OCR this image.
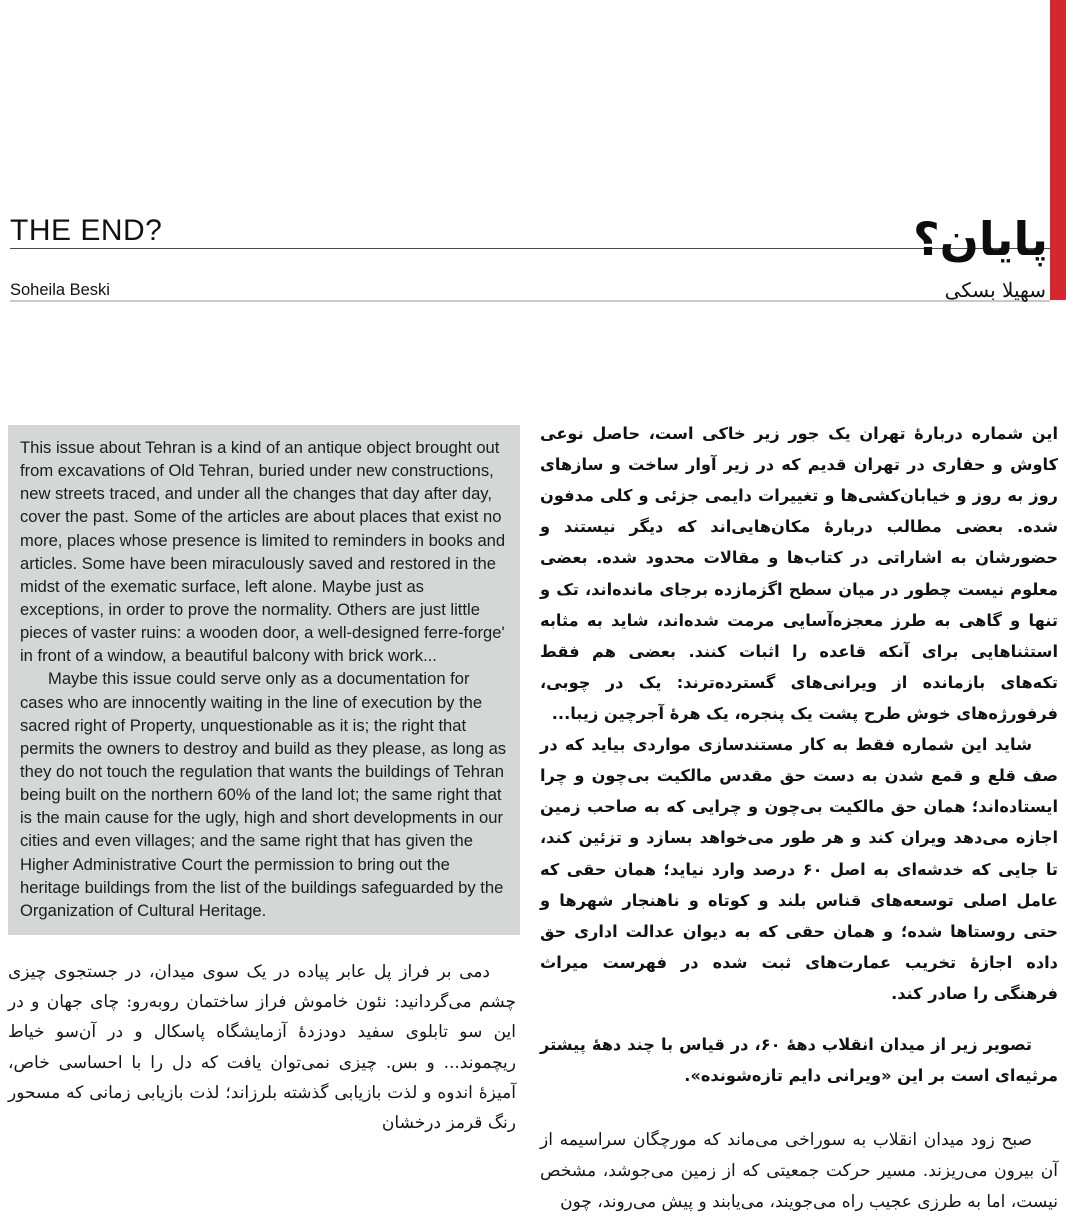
THE END?	پایان؟
Soheila Beski	سهیلا بسکی

This issue about Tehran is a kind of an antique object brought out from excavations of Old Tehran, buried under new constructions, new streets traced, and under all the changes that day after day, cover the past. Some of the articles are about places that exist no more, places whose presence is limited to reminders in books and articles. Some have been miraculously saved and restored in the midst of the exematic surface, left alone. Maybe just as exceptions, in order to prove the normality. Others are just little pieces of vaster ruins: a wooden door, a well-designed ferre-forge' in front of a window, a beautiful balcony with brick work...

Maybe this issue could serve only as a documentation for cases who are innocently waiting in the line of execution by the sacred right of Property, unquestionable as it is; the right that permits the owners to destroy and build as they please, as long as they do not touch the regulation that wants the buildings of Tehran being built on the northern 60% of the land lot; the same right that is the main cause for the ugly, high and short developments in our cities and even villages; and the same right that has given the Higher Administrative Court the permission to bring out the heritage buildings from the list of the buildings safeguarded by the Organization of Cultural Heritage.

دمی بر فراز پل عابر پیاده در یک سوی میدان، در جستجوی چیزی چشم می‌گردانید: نئون خاموش فراز ساختمان روبه‌رو: چای جهان و در این سو تابلوی سفید دودزدهٔ آزمایشگاه پاسکال و در آن‌سو خیاط ریچموند... و بس. چیزی نمی‌توان یافت که دل را با احساسی خاص، آمیزهٔ اندوه و لذت بازیابی گذشته بلرزاند؛ لذت بازیابی زمانی که مسحور رنگ قرمز درخشان

این شماره دربارهٔ تهران یک جور زیر خاکی است، حاصل نوعی کاوش و حفاری در تهران قدیم که در زیر آوار ساخت و سازهای روز به روز و خیابان‌کشی‌ها و تغییرات دایمی جزئی و کلی مدفون شده. بعضی مطالب دربارهٔ مکان‌هایی‌اند که دیگر نیستند و حضورشان به اشاراتی در کتاب‌ها و مقالات محدود شده. بعضی معلوم نیست چطور در میان سطح اگزمازده برجای مانده‌اند، تک و تنها و گاهی به طرز معجزه‌آسایی مرمت شده‌اند، شاید به مثابه استثناهایی برای آنکه قاعده را اثبات کنند. بعضی هم فقط تکه‌های بازمانده از ویرانی‌های گسترده‌ترند: یک در چوبی، فرفورژه‌های خوش طرح پشت یک پنجره، یک هرهٔ آجرچین زیبا...

شاید این شماره فقط به کار مستندسازی مواردی بیاید که در صف قلع و قمع شدن به دست حق مقدس مالکیت بی‌چون و چرا ایستاده‌اند؛ همان حق مالکیت بی‌چون و چرایی که به صاحب زمین اجازه می‌دهد ویران کند و هر طور می‌خواهد بسازد و تزئین کند، تا جایی که خدشه‌ای به اصل ۶۰ درصد وارد نیاید؛ همان حقی که عامل اصلی توسعه‌های قناس بلند و کوتاه و ناهنجار شهرها و حتی روستاها شده؛ و همان حقی که به دیوان عدالت اداری حق داده اجازهٔ تخریب عمارت‌های ثبت شده در فهرست میراث فرهنگی را صادر کند.

تصویر زیر از میدان انقلاب دههٔ ۶۰، در قیاس با چند دههٔ پیشتر مرثیه‌ای است بر این «ویرانی دایم تازه‌شونده».

صبح زود میدان انقلاب به سوراخی می‌ماند که مورچگان سراسیمه از آن بیرون می‌ریزند. مسیر حرکت جمعیتی که از زمین می‌جوشد، مشخص نیست، اما به طرزی عجیب راه می‌جویند، می‌یابند و پیش می‌روند، چون
